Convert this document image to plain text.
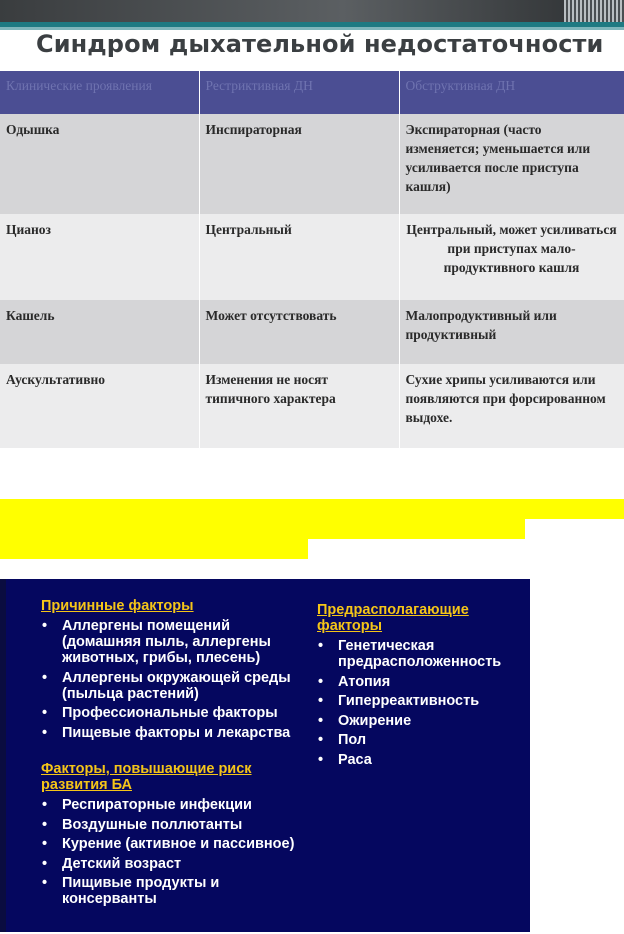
Синдром дыхательной недостаточности
Клинические проявления	Рестриктивная ДН	Обструктивная ДН
Одышка	Инспираторная	Экспираторная (часто изменяется; уменьшается или усиливается после приступа кашля)
Цианоз	Центральный	Центральный, может усиливаться при приступах мало-
продуктивного кашля
Кашель	Может отсутствовать	Малопродуктивный или продуктивный
Аускультативно	Изменения не носят типичного характера	Сухие хрипы усиливаются или появляются при форсированном выдохе.
Причинные факторы
• Аллергены помещений (домашняя пыль, аллергены животных, грибы, плесень)
• Аллергены окружающей среды (пыльца растений)
• Профессиональные факторы
• Пищевые факторы и лекарства
Факторы, повышающие риск развития БА
• Респираторные инфекции
• Воздушные поллютанты
• Курение (активное и пассивное)
• Детский возраст
• Пищивые продукты и консерванты
Предрасполагающие факторы
• Генетическая предрасположенность
• Атопия
• Гиперреактивность
• Ожирение
• Пол
• Раса
